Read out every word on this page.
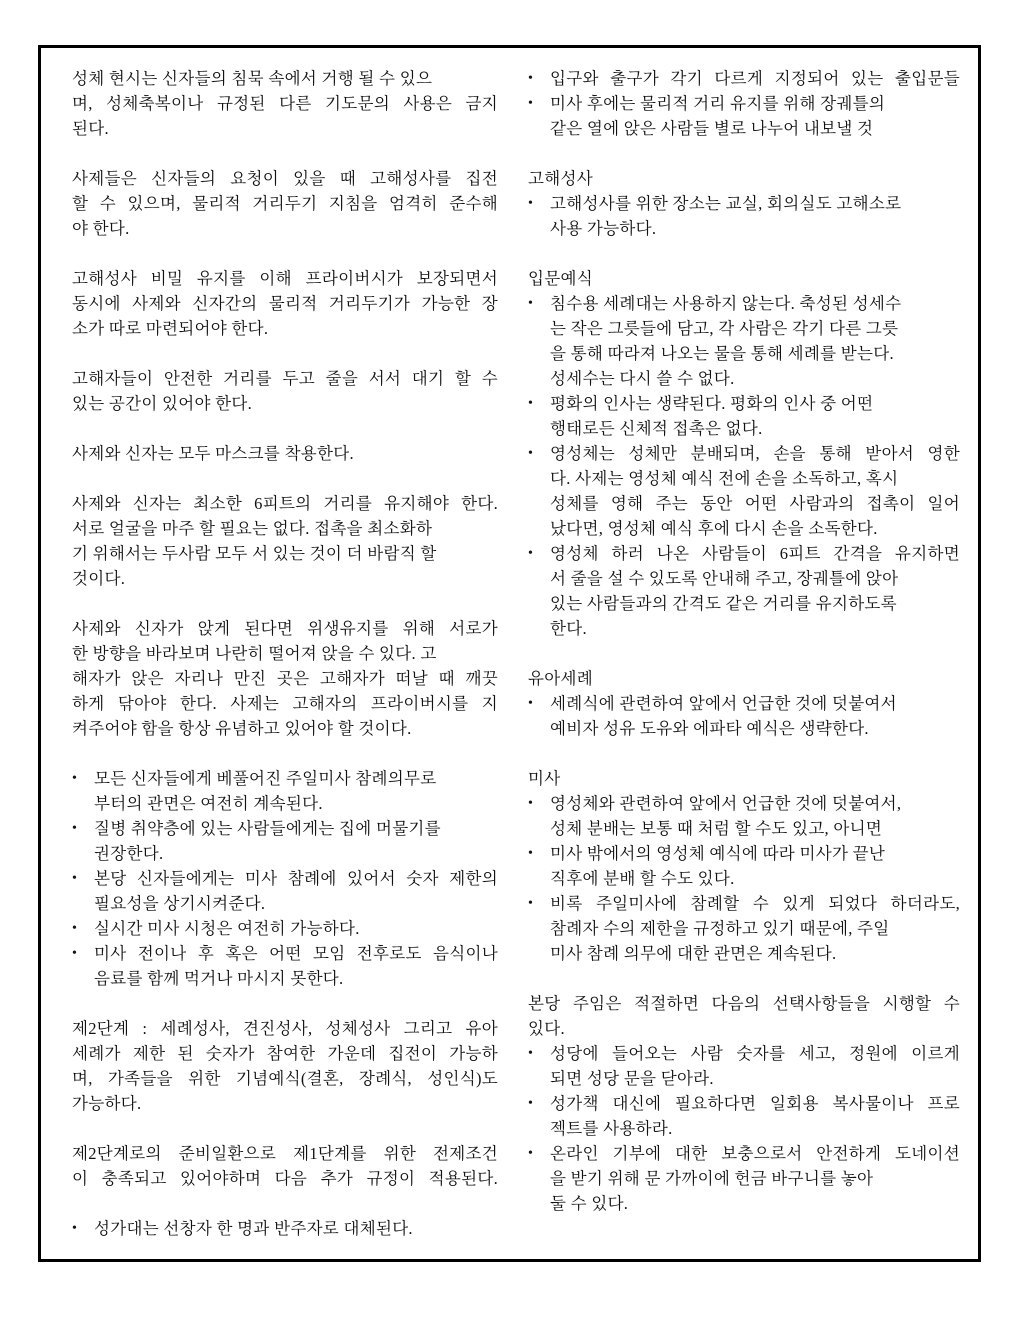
성체 현시는 신자들의 침묵 속에서 거행 될 수 있으
며, 성체축복이나 규정된 다른 기도문의 사용은 금지
된다.
사제들은 신자들의 요청이 있을 때 고해성사를 집전
할 수 있으며, 물리적 거리두기 지침을 엄격히 준수해
야 한다.
고해성사 비밀 유지를 이해 프라이버시가 보장되면서
동시에 사제와 신자간의 물리적 거리두기가 가능한 장
소가 따로 마련되어야 한다.
고해자들이 안전한 거리를 두고 줄을 서서 대기 할 수
있는 공간이 있어야 한다.
사제와 신자는 모두 마스크를 착용한다.
사제와 신자는 최소한 6피트의 거리를 유지해야 한다.
서로 얼굴을 마주 할 필요는 없다. 접촉을 최소화하
기 위해서는 두사람 모두 서 있는 것이 더 바람직 할
것이다.
사제와 신자가 앉게 된다면 위생유지를 위해 서로가
한 방향을 바라보며 나란히 떨어져 앉을 수 있다. 고
해자가 앉은 자리나 만진 곳은 고해자가 떠날 때 깨끗
하게 닦아야 한다. 사제는 고해자의 프라이버시를 지
켜주어야 함을 항상 유념하고 있어야 할 것이다.
•	모든 신자들에게 베풀어진 주일미사 참례의무로
부터의 관면은 여전히 계속된다.
•	질병 취약층에 있는 사람들에게는 집에 머물기를
권장한다.
•	본당 신자들에게는 미사 참례에 있어서 숫자 제한의
필요성을 상기시켜준다.
•	실시간 미사 시청은 여전히 가능하다.
•	미사 전이나 후 혹은 어떤 모임 전후로도 음식이나
음료를 함께 먹거나 마시지 못한다.
제2단계 : 세례성사, 견진성사, 성체성사 그리고 유아
세례가 제한 된 숫자가 참여한 가운데 집전이 가능하
며, 가족들을 위한 기념예식(결혼, 장례식, 성인식)도
가능하다.
제2단계로의 준비일환으로 제1단계를 위한 전제조건
이 충족되고 있어야하며 다음 추가 규정이 적용된다.
•	성가대는 선창자 한 명과 반주자로 대체된다.
•	입구와 출구가 각기 다르게 지정되어 있는 출입문들
•	미사 후에는 물리적 거리 유지를 위해 장궤틀의
같은 열에 앉은 사람들 별로 나누어 내보낼 것
고해성사
•	고해성사를 위한 장소는 교실, 회의실도 고해소로
사용 가능하다.
입문예식
•	침수용 세례대는 사용하지 않는다. 축성된 성세수
는 작은 그릇들에 담고, 각 사람은 각기 다른 그릇
을 통해 따라져 나오는 물을 통해 세례를 받는다.
성세수는 다시 쓸 수 없다.
•	평화의 인사는 생략된다. 평화의 인사 중 어떤
행태로든 신체적 접촉은 없다.
•	영성체는 성체만 분배되며, 손을 통해 받아서 영한
다. 사제는 영성체 예식 전에 손을 소독하고, 혹시
성체를 영해 주는 동안 어떤 사람과의 접촉이 일어
났다면, 영성체 예식 후에 다시 손을 소독한다.
•	영성체 하러 나온 사람들이 6피트 간격을 유지하면
서 줄을 설 수 있도록 안내해 주고, 장궤틀에 앉아
있는 사람들과의 간격도 같은 거리를 유지하도록
한다.
유아세례
•	세례식에 관련하여 앞에서 언급한 것에 덧붙여서
예비자 성유 도유와 에파타 예식은 생략한다.
미사
•	영성체와 관련하여 앞에서 언급한 것에 덧붙여서,
성체 분배는 보통 때 처럼 할 수도 있고, 아니면
•	미사 밖에서의 영성체 예식에 따라 미사가 끝난
직후에 분배 할 수도 있다.
•	비록 주일미사에 참례할 수 있게 되었다 하더라도,
참례자 수의 제한을 규정하고 있기 때문에, 주일
미사 참례 의무에 대한 관면은 계속된다.
본당 주임은 적절하면 다음의 선택사항들을 시행할 수
있다.
•	성당에 들어오는 사람 숫자를 세고, 정원에 이르게
되면 성당 문을 닫아라.
•	성가책 대신에 필요하다면 일회용 복사물이나 프로
젝트를 사용하라.
•	온라인 기부에 대한 보충으로서 안전하게 도네이션
을 받기 위해 문 가까이에 헌금 바구니를 놓아
둘 수 있다.
